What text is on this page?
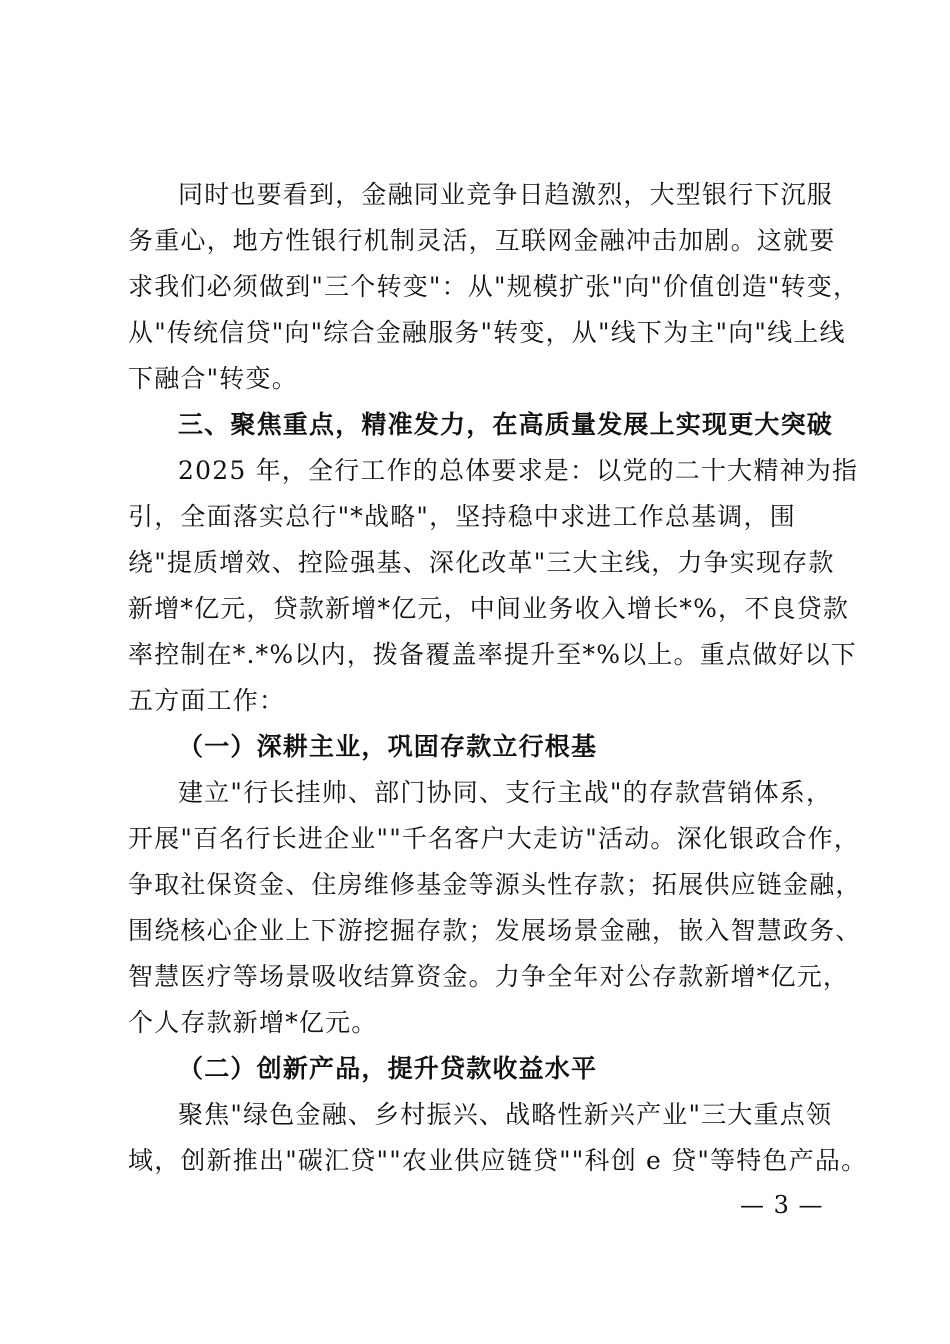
同时也要看到，金融同业竞争日趋激烈，大型银行下沉服
务重心，地方性银行机制灵活，互联网金融冲击加剧。这就要
求我们必须做到"三个转变"：从"规模扩张"向"价值创造"转变，
从"传统信贷"向"综合金融服务"转变，从"线下为主"向"线上线
下融合"转变。
三、聚焦重点，精准发力，在高质量发展上实现更大突破
2025 年，全行工作的总体要求是：以党的二十大精神为指
引，全面落实总行"*战略"，坚持稳中求进工作总基调，围
绕"提质增效、控险强基、深化改革"三大主线，力争实现存款
新增*亿元，贷款新增*亿元，中间业务收入增长*%，不良贷款
率控制在*.*%以内，拨备覆盖率提升至*%以上。重点做好以下
五方面工作：
（一）深耕主业，巩固存款立行根基
建立"行长挂帅、部门协同、支行主战"的存款营销体系，
开展"百名行长进企业""千名客户大走访"活动。深化银政合作，
争取社保资金、住房维修基金等源头性存款；拓展供应链金融，
围绕核心企业上下游挖掘存款；发展场景金融，嵌入智慧政务、
智慧医疗等场景吸收结算资金。力争全年对公存款新增*亿元，
个人存款新增*亿元。
（二）创新产品，提升贷款收益水平
聚焦"绿色金融、乡村振兴、战略性新兴产业"三大重点领
域，创新推出"碳汇贷""农业供应链贷""科创 e 贷"等特色产品。
— 3 —
